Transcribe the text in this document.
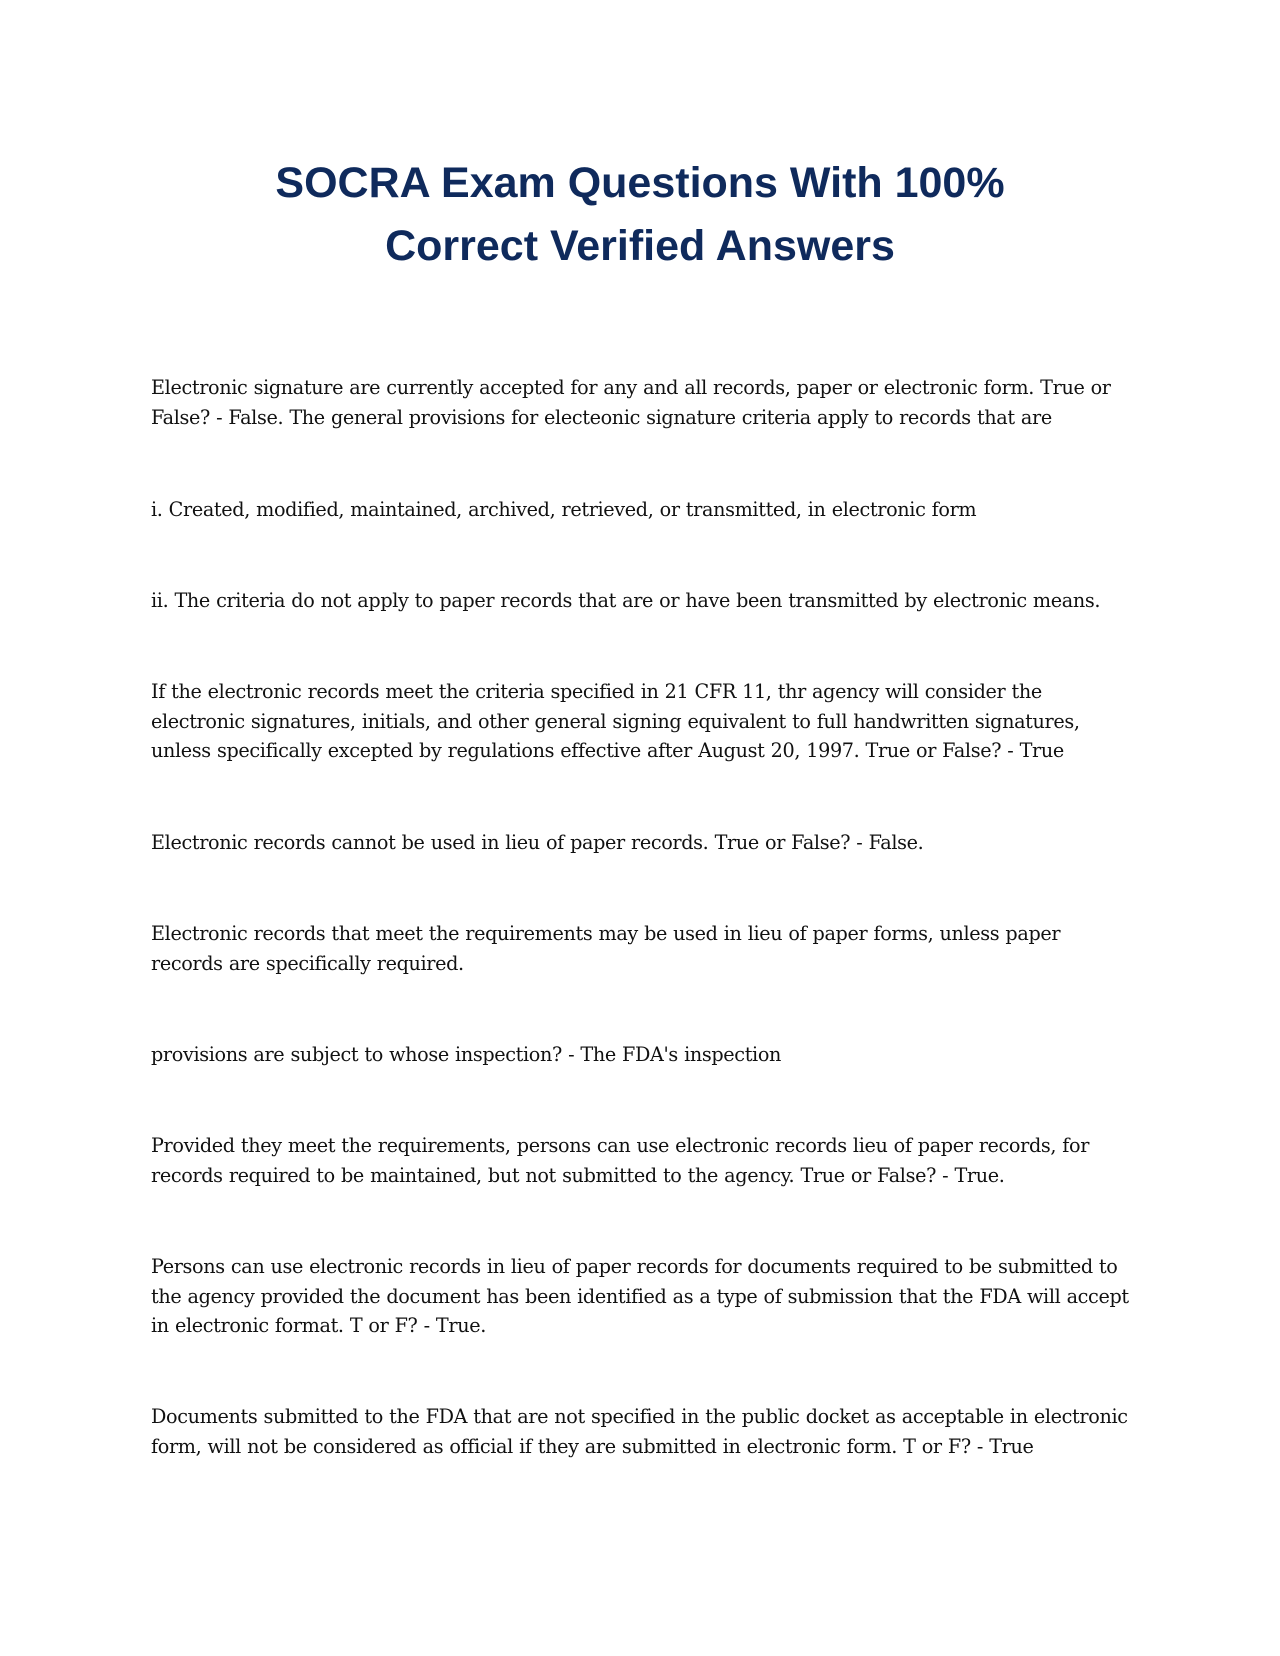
SOCRA Exam Questions With 100%
Correct Verified Answers

Electronic signature are currently accepted for any and all records, paper or electronic form. True or False? - False. The general provisions for electeonic signature criteria apply to records that are

i. Created, modified, maintained, archived, retrieved, or transmitted, in electronic form

ii. The criteria do not apply to paper records that are or have been transmitted by electronic means.

If the electronic records meet the criteria specified in 21 CFR 11, thr agency will consider the electronic signatures, initials, and other general signing equivalent to full handwritten signatures, unless specifically excepted by regulations effective after August 20, 1997. True or False? - True

Electronic records cannot be used in lieu of paper records. True or False? - False.

Electronic records that meet the requirements may be used in lieu of paper forms, unless paper records are specifically required.

provisions are subject to whose inspection? - The FDA's inspection

Provided they meet the requirements, persons can use electronic records lieu of paper records, for records required to be maintained, but not submitted to the agency. True or False? - True.

Persons can use electronic records in lieu of paper records for documents required to be submitted to the agency provided the document has been identified as a type of submission that the FDA will accept in electronic format. T or F? - True.

Documents submitted to the FDA that are not specified in the public docket as acceptable in electronic form, will not be considered as official if they are submitted in electronic form. T or F? - True
